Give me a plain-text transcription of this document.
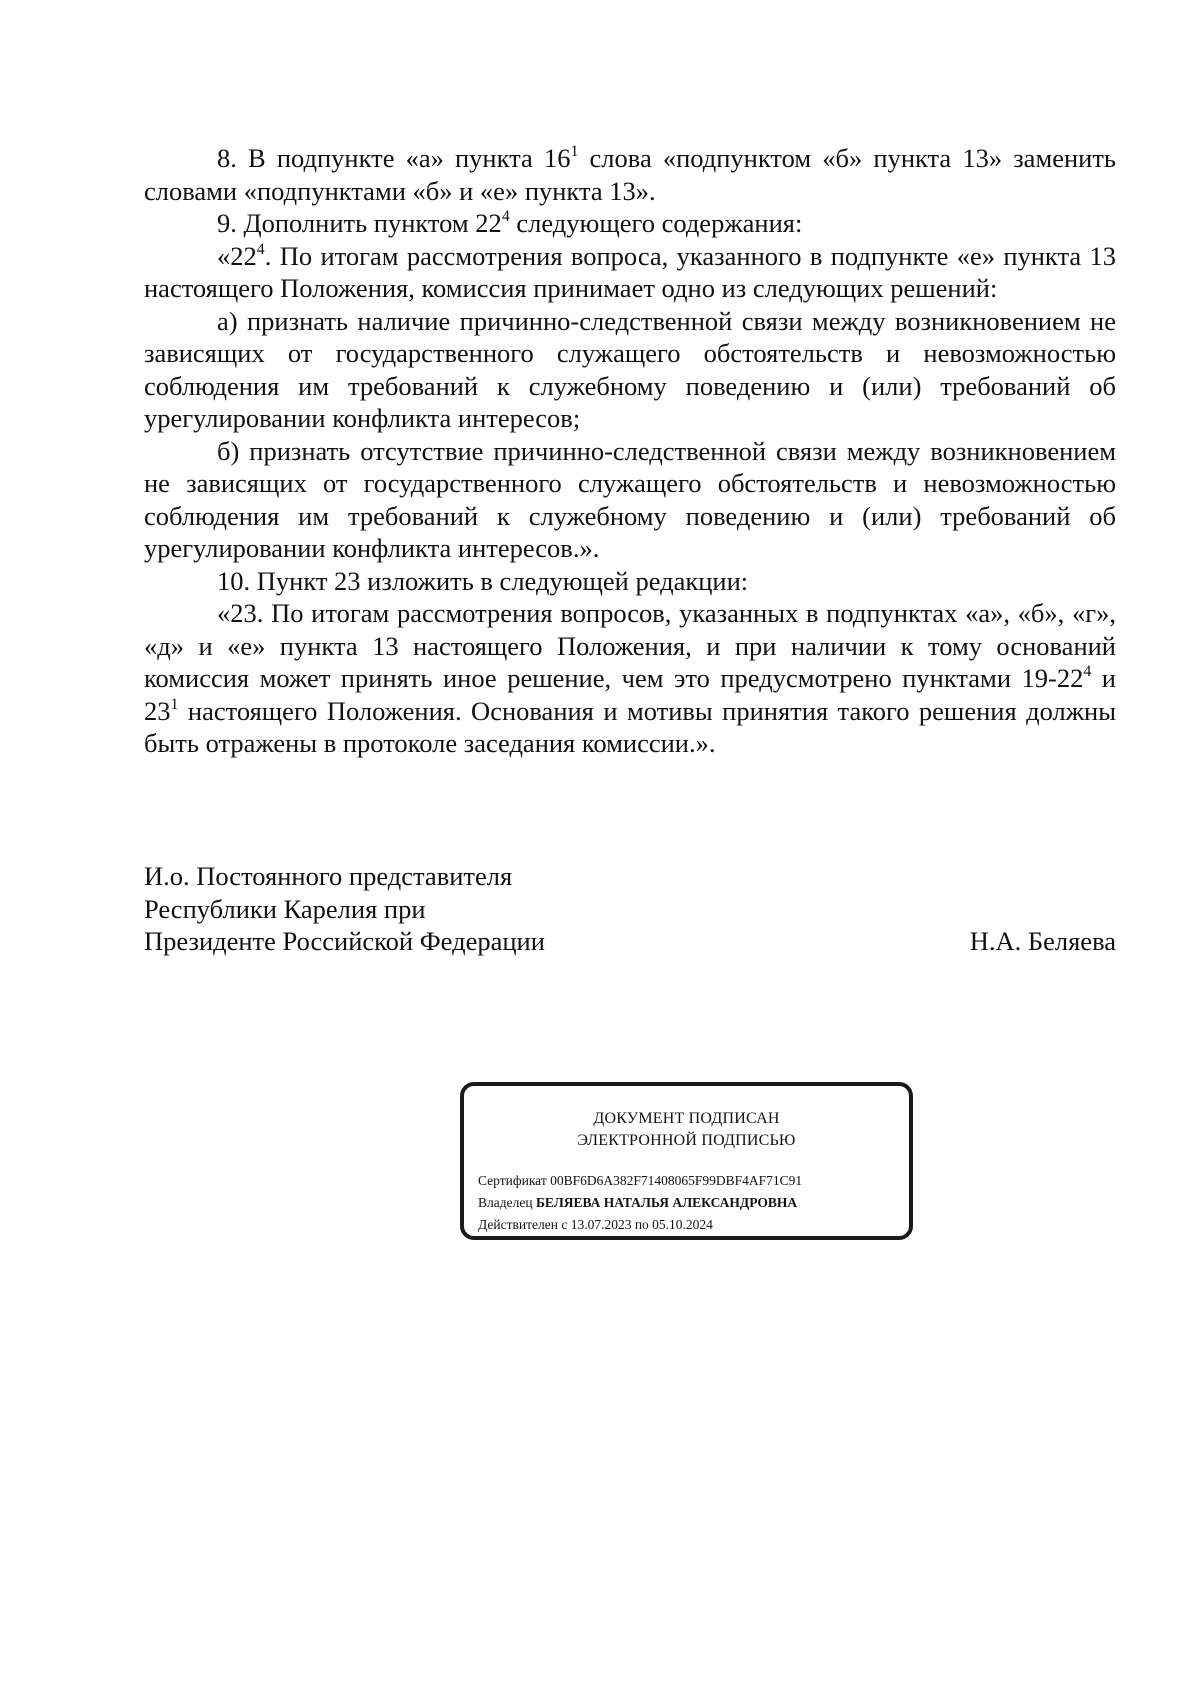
8. В подпункте «а» пункта $16^1$ слова «подпунктом «б» пункта 13» заменить словами «подпунктами «б» и «е» пункта 13».

9. Дополнить пунктом $22^4$ следующего содержания:

«$22^4$. По итогам рассмотрения вопроса, указанного в подпункте «е» пункта 13 настоящего Положения, комиссия принимает одно из следующих решений:

а) признать наличие причинно-следственной связи между возникновением не зависящих от государственного служащего обстоятельств и невозможностью соблюдения им требований к служебному поведению и (или) требований об урегулировании конфликта интересов;

б) признать отсутствие причинно-следственной связи между возникновением не зависящих от государственного служащего обстоятельств и невозможностью соблюдения им требований к служебному поведению и (или) требований об урегулировании конфликта интересов.».

10. Пункт 23 изложить в следующей редакции:

«23. По итогам рассмотрения вопросов, указанных в подпунктах «а», «б», «г», «д» и «е» пункта 13 настоящего Положения, и при наличии к тому оснований комиссия может принять иное решение, чем это предусмотрено пунктами $19-22^4$ и $23^1$ настоящего Положения. Основания и мотивы принятия такого решения должны быть отражены в протоколе заседания комиссии.».

И.о. Постоянного представителя
Республики Карелия при
Президенте Российской Федерации	Н.А. Беляева
ДОКУМЕНТ ПОДПИСАН
ЭЛЕКТРОННОЙ ПОДПИСЬЮ
Сертификат 00BF6D6A382F71408065F99DBF4AF71C91
Владелец БЕЛЯЕВА НАТАЛЬЯ АЛЕКСАНДРОВНА
Действителен с 13.07.2023 по 05.10.2024
